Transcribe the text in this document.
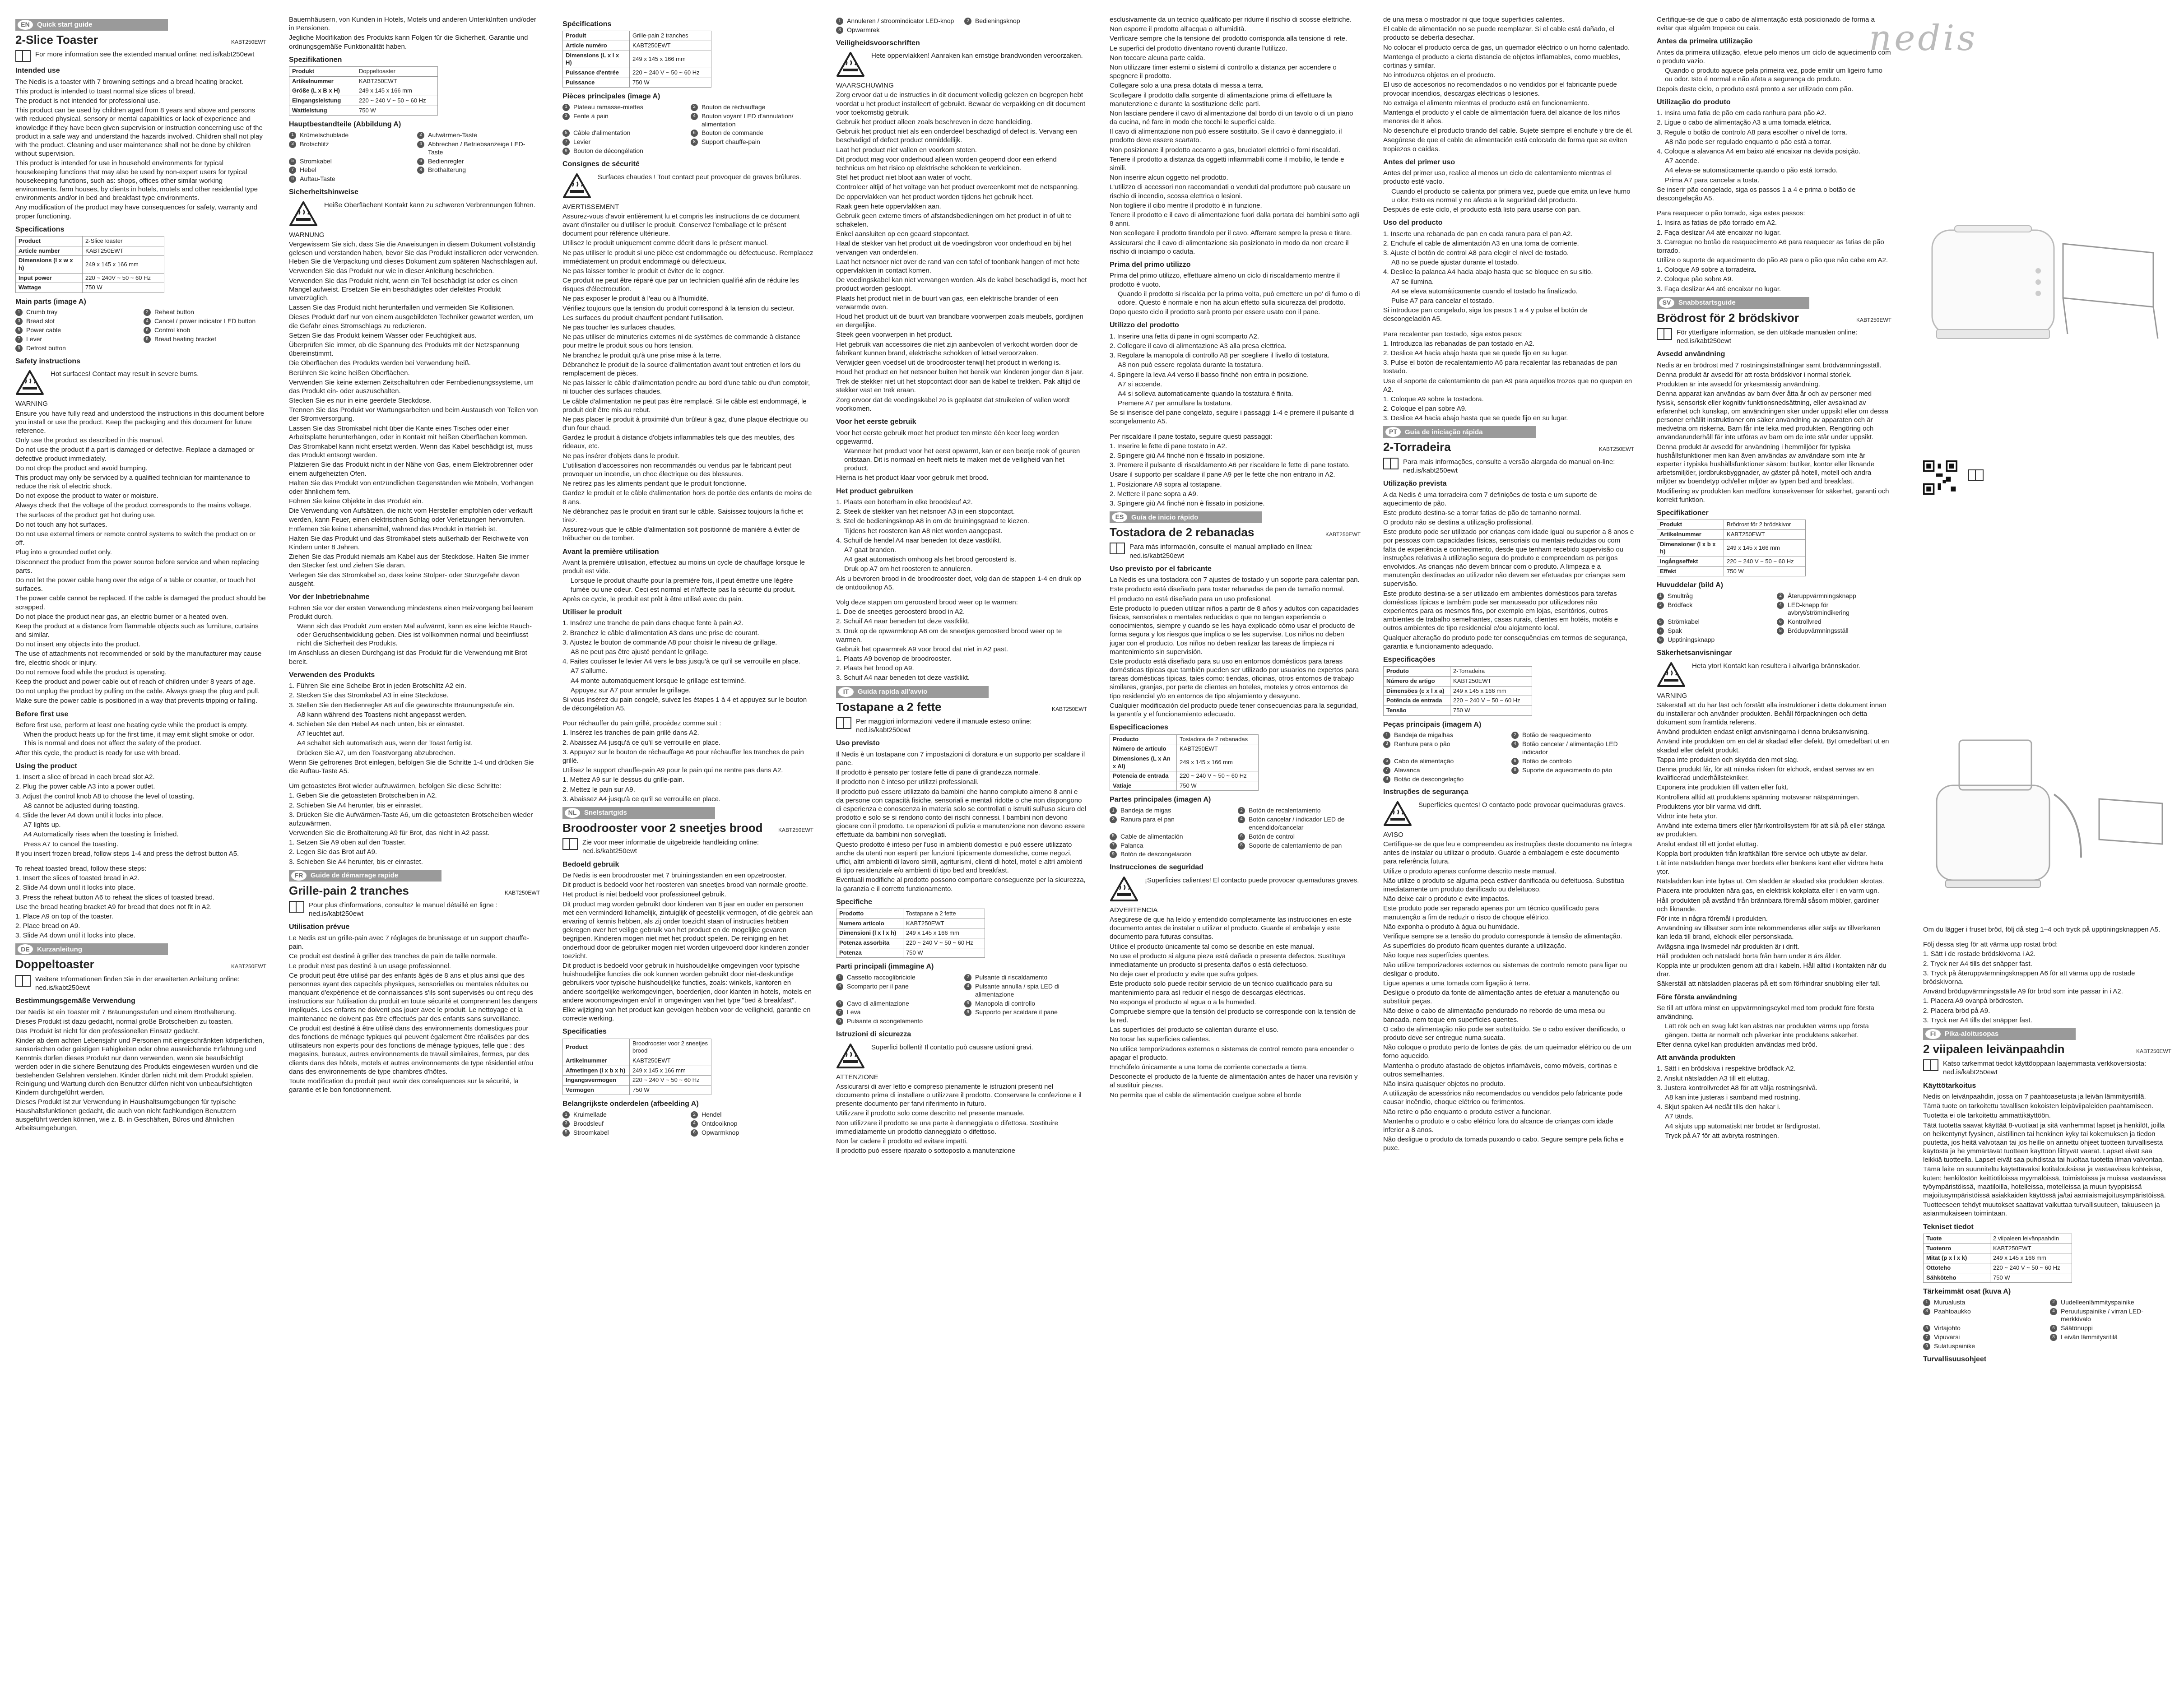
EN	Quick start guide
2-Slice Toaster	KABT250EWT
For more information see the extended manual online: ned.is/kabt250ewt
Intended use

The Nedis is a toaster with 7 browning settings and a bread heating bracket.

This product is intended to toast normal size slices of bread.

The product is not intended for professional use.

This product can be used by children aged from 8 years and above and persons with reduced physical, sensory or mental capabilities or lack of experience and knowledge if they have been given supervision or instruction concerning use of the product in a safe way and understand the hazards involved. Children shall not play with the product. Cleaning and user maintenance shall not be done by children without supervision.

This product is intended for use in household environments for typical housekeeping functions that may also be used by non-expert users for typical housekeeping functions, such as: shops, offices other similar working environments, farm houses, by clients in hotels, motels and other residential type environments and/or in bed and breakfast type environments.

Any modification of the product may have consequences for safety, warranty and proper functioning.

Specifications
Product	2-SliceToaster
Article number	KABT250EWT
Dimensions (l x w x h)	249 x 145 x 166 mm
Input power	220 ~ 240V ~ 50 ~ 60 Hz
Wattage	750 W
Main parts (image A)
1 Crumb tray	2 Reheat button
3 Bread slot	4 Cancel / power indicator LED button
5 Power cable	6 Control knob
7 Lever	8 Bread heating bracket
9 Defrost button
Safety instructions
Hot surfaces! Contact may result in severe burns.

WARNING

Ensure you have fully read and understood the instructions in this document before you install or use the product. Keep the packaging and this document for future reference.

Only use the product as described in this manual.

Do not use the product if a part is damaged or defective. Replace a damaged or defective product immediately.

Do not drop the product and avoid bumping.

This product may only be serviced by a qualified technician for maintenance to reduce the risk of electric shock.

Do not expose the product to water or moisture.

Always check that the voltage of the product corresponds to the mains voltage.

The surfaces of the product get hot during use.

Do not touch any hot surfaces.

Do not use external timers or remote control systems to switch the product on or off.

Plug into a grounded outlet only.

Disconnect the product from the power source before service and when replacing parts.

Do not let the power cable hang over the edge of a table or counter, or touch hot surfaces.

The power cable cannot be replaced. If the cable is damaged the product should be scrapped.

Do not place the product near gas, an electric burner or a heated oven.

Keep the product at a distance from flammable objects such as furniture, curtains and similar.

Do not insert any objects into the product.

The use of attachments not recommended or sold by the manufacturer may cause fire, electric shock or injury.

Do not remove food while the product is operating.

Keep the product and power cable out of reach of children under 8 years of age.

Do not unplug the product by pulling on the cable. Always grasp the plug and pull.

Make sure the power cable is positioned in a way that prevents tripping or falling.

Before first use

Before first use, perform at least one heating cycle while the product is empty.

When the product heats up for the first time, it may emit slight smoke or odor. This is normal and does not affect the safety of the product.

After this cycle, the product is ready for use with bread.

Using the product

1. Insert a slice of bread in each bread slot A2.

2. Plug the power cable A3 into a power outlet.

3. Adjust the control knob A8 to choose the level of toasting.

A8 cannot be adjusted during toasting.

4. Slide the lever A4 down until it locks into place.

A7 lights up.

A4 Automatically rises when the toasting is finished.

Press A7 to cancel the toasting.

If you insert frozen bread, follow steps 1-4 and press the defrost button A5.

To reheat toasted bread, follow these steps:

1. Insert the slices of toasted bread in A2.

2. Slide A4 down until it locks into place.

3. Press the reheat button A6 to reheat the slices of toasted bread.

Use the bread heating bracket A9 for bread that does not fit in A2.

1. Place A9 on top of the toaster.

2. Place bread on A9.

3. Slide A4 down until it locks into place.

DE	Kurzanleitung
Doppeltoaster	KABT250EWT
Weitere Informationen finden Sie in der erweiterten Anleitung online: ned.is/kabt250ewt
Bestimmungsgemäße Verwendung

Der Nedis ist ein Toaster mit 7 Bräunungsstufen und einem Brothalterung.

Dieses Produkt ist dazu gedacht, normal große Brotscheiben zu toasten.

Das Produkt ist nicht für den professionellen Einsatz gedacht.

Kinder ab dem achten Lebensjahr und Personen mit eingeschränkten körperlichen, sensorischen oder geistigen Fähigkeiten oder ohne ausreichende Erfahrung und Kenntnis dürfen dieses Produkt nur dann verwenden, wenn sie beaufsichtigt werden oder in die sichere Benutzung des Produkts eingewiesen wurden und die bestehenden Gefahren verstehen. Kinder dürfen nicht mit dem Produkt spielen. Reinigung und Wartung durch den Benutzer dürfen nicht von unbeaufsichtigten Kindern durchgeführt werden.

Dieses Produkt ist zur Verwendung in Haushaltsumgebungen für typische Haushaltsfunktionen gedacht, die auch von nicht fachkundigen Benutzern ausgeführt werden können, wie z. B. in Geschäften, Büros und ähnlichen Arbeitsumgebungen,

Bauernhäusern, von Kunden in Hotels, Motels und anderen Unterkünften und/oder in Pensionen.

Jegliche Modifikation des Produkts kann Folgen für die Sicherheit, Garantie und ordnungsgemäße Funktionalität haben.

Spezifikationen
Produkt	Doppeltoaster
Artikelnummer	KABT250EWT
Größe (L x B x H)	249 x 145 x 166 mm
Eingangsleistung	220 ~ 240 V ~ 50 ~ 60 Hz
Wattleistung	750 W
Hauptbestandteile (Abbildung A)
1 Krümelschublade	2 Aufwärmen-Taste
3 Brotschlitz	4 Abbrechen / Betriebsanzeige LED-Taste
5 Stromkabel	6 Bedienregler
7 Hebel	8 Brothalterung
9 Auftau-Taste
Sicherheitshinweise
Heiße Oberflächen! Kontakt kann zu schweren Verbrennungen führen.

WARNUNG

Vergewissern Sie sich, dass Sie die Anweisungen in diesem Dokument vollständig gelesen und verstanden haben, bevor Sie das Produkt installieren oder verwenden. Heben Sie die Verpackung und dieses Dokument zum späteren Nachschlagen auf.

Verwenden Sie das Produkt nur wie in dieser Anleitung beschrieben.

Verwenden Sie das Produkt nicht, wenn ein Teil beschädigt ist oder es einen Mangel aufweist. Ersetzen Sie ein beschädigtes oder defektes Produkt unverzüglich.

Lassen Sie das Produkt nicht herunterfallen und vermeiden Sie Kollisionen.

Dieses Produkt darf nur von einem ausgebildeten Techniker gewartet werden, um die Gefahr eines Stromschlags zu reduzieren.

Setzen Sie das Produkt keinem Wasser oder Feuchtigkeit aus.

Überprüfen Sie immer, ob die Spannung des Produkts mit der Netzspannung übereinstimmt.

Die Oberflächen des Produkts werden bei Verwendung heiß.

Berühren Sie keine heißen Oberflächen.

Verwenden Sie keine externen Zeitschaltuhren oder Fernbedienungssysteme, um das Produkt ein- oder auszuschalten.

Stecken Sie es nur in eine geerdete Steckdose.

Trennen Sie das Produkt vor Wartungsarbeiten und beim Austausch von Teilen von der Stromversorgung.

Lassen Sie das Stromkabel nicht über die Kante eines Tisches oder einer Arbeitsplatte herunterhängen, oder in Kontakt mit heißen Oberflächen kommen.

Das Stromkabel kann nicht ersetzt werden. Wenn das Kabel beschädigt ist, muss das Produkt entsorgt werden.

Platzieren Sie das Produkt nicht in der Nähe von Gas, einem Elektrobrenner oder einem aufgeheizten Ofen.

Halten Sie das Produkt von entzündlichen Gegenständen wie Möbeln, Vorhängen oder ähnlichem fern.

Führen Sie keine Objekte in das Produkt ein.

Die Verwendung von Aufsätzen, die nicht vom Hersteller empfohlen oder verkauft werden, kann Feuer, einen elektrischen Schlag oder Verletzungen hervorrufen.

Entfernen Sie keine Lebensmittel, während das Produkt in Betrieb ist.

Halten Sie das Produkt und das Stromkabel stets außerhalb der Reichweite von Kindern unter 8 Jahren.

Ziehen Sie das Produkt niemals am Kabel aus der Steckdose. Halten Sie immer den Stecker fest und ziehen Sie daran.

Verlegen Sie das Stromkabel so, dass keine Stolper- oder Sturzgefahr davon ausgeht.

Vor der Inbetriebnahme

Führen Sie vor der ersten Verwendung mindestens einen Heizvorgang bei leerem Produkt durch.

Wenn sich das Produkt zum ersten Mal aufwärmt, kann es eine leichte Rauch- oder Geruchsentwicklung geben. Dies ist vollkommen normal und beeinflusst nicht die Sicherheit des Produkts.

Im Anschluss an diesen Durchgang ist das Produkt für die Verwendung mit Brot bereit.

Verwenden des Produkts

1. Führen Sie eine Scheibe Brot in jeden Brotschlitz A2 ein.

2. Stecken Sie das Stromkabel A3 in eine Steckdose.

3. Stellen Sie den Bedienregler A8 auf die gewünschte Bräunungsstufe ein.

A8 kann während des Toastens nicht angepasst werden.

4. Schieben Sie den Hebel A4 nach unten, bis er einrastet.

A7 leuchtet auf.

A4 schaltet sich automatisch aus, wenn der Toast fertig ist.

Drücken Sie A7, um den Toastvorgang abzubrechen.

Wenn Sie gefrorenes Brot einlegen, befolgen Sie die Schritte 1-4 und drücken Sie die Auftau-Taste A5.

Um getoastetes Brot wieder aufzuwärmen, befolgen Sie diese Schritte:

1. Geben Sie die getoasteten Brotscheiben in A2.

2. Schieben Sie A4 herunter, bis er einrastet.

3. Drücken Sie die Aufwärmen-Taste A6, um die getoasteten Brotscheiben wieder aufzuwärmen.

Verwenden Sie die Brothalterung A9 für Brot, das nicht in A2 passt.

1. Setzen Sie A9 oben auf den Toaster.

2. Legen Sie das Brot auf A9.

3. Schieben Sie A4 herunter, bis er einrastet.

FR	Guide de démarrage rapide
Grille-pain 2 tranches	KABT250EWT
Pour plus d'informations, consultez le manuel détaillé en ligne : ned.is/kabt250ewt
Utilisation prévue

Le Nedis est un grille-pain avec 7 réglages de brunissage et un support chauffe-pain.

Ce produit est destiné à griller des tranches de pain de taille normale.

Le produit n'est pas destiné à un usage professionnel.

Ce produit peut être utilisé par des enfants âgés de 8 ans et plus ainsi que des personnes ayant des capacités physiques, sensorielles ou mentales réduites ou manquant d'expérience et de connaissances s'ils sont supervisés ou ont reçu des instructions sur l'utilisation du produit en toute sécurité et comprennent les dangers impliqués. Les enfants ne doivent pas jouer avec le produit. Le nettoyage et la maintenance ne doivent pas être effectués par des enfants sans surveillance.

Ce produit est destiné à être utilisé dans des environnements domestiques pour des fonctions de ménage typiques qui peuvent également être réalisées par des utilisateurs non experts pour des fonctions de ménage typiques, telle que : des magasins, bureaux, autres environnements de travail similaires, fermes, par des clients dans des hôtels, motels et autres environnements de type résidentiel et/ou dans des environnements de type chambres d'hôtes.

Toute modification du produit peut avoir des conséquences sur la sécurité, la garantie et le bon fonctionnement.

Spécifications
Produit	Grille-pain 2 tranches
Article numéro	KABT250EWT
Dimensions (L x l x H)	249 x 145 x 166 mm
Puissance d'entrée	220 ~ 240 V ~ 50 ~ 60 Hz
Puissance	750 W
Pièces principales (image A)
1 Plateau ramasse-miettes	2 Bouton de réchauffage
3 Fente à pain	4 Bouton voyant LED d'annulation/ alimentation
5 Câble d'alimentation	6 Bouton de commande
7 Levier	8 Support chauffe-pain
9 Bouton de décongélation
Consignes de sécurité
Surfaces chaudes ! Tout contact peut provoquer de graves brûlures.

AVERTISSEMENT

Assurez-vous d'avoir entièrement lu et compris les instructions de ce document avant d'installer ou d'utiliser le produit. Conservez l'emballage et le présent document pour référence ultérieure.

Utilisez le produit uniquement comme décrit dans le présent manuel.

Ne pas utiliser le produit si une pièce est endommagée ou défectueuse. Remplacez immédiatement un produit endommagé ou défectueux.

Ne pas laisser tomber le produit et éviter de le cogner.

Ce produit ne peut être réparé que par un technicien qualifié afin de réduire les risques d'électrocution.

Ne pas exposer le produit à l'eau ou à l'humidité.

Vérifiez toujours que la tension du produit correspond à la tension du secteur.

Les surfaces du produit chauffent pendant l'utilisation.

Ne pas toucher les surfaces chaudes.

Ne pas utiliser de minuteries externes ni de systèmes de commande à distance pour mettre le produit sous ou hors tension.

Ne branchez le produit qu'à une prise mise à la terre.

Débranchez le produit de la source d'alimentation avant tout entretien et lors du remplacement de pièces.

Ne pas laisser le câble d'alimentation pendre au bord d'une table ou d'un comptoir, ni toucher des surfaces chaudes.

Le câble d'alimentation ne peut pas être remplacé. Si le câble est endommagé, le produit doit être mis au rebut.

Ne pas placer le produit à proximité d'un brûleur à gaz, d'une plaque électrique ou d'un four chaud.

Gardez le produit à distance d'objets inflammables tels que des meubles, des rideaux, etc.

Ne pas insérer d'objets dans le produit.

L'utilisation d'accessoires non recommandés ou vendus par le fabricant peut provoquer un incendie, un choc électrique ou des blessures.

Ne retirez pas les aliments pendant que le produit fonctionne.

Gardez le produit et le câble d'alimentation hors de portée des enfants de moins de 8 ans.

Ne débranchez pas le produit en tirant sur le câble. Saisissez toujours la fiche et tirez.

Assurez-vous que le câble d'alimentation soit positionné de manière à éviter de trébucher ou de tomber.

Avant la première utilisation

Avant la première utilisation, effectuez au moins un cycle de chauffage lorsque le produit est vide.

Lorsque le produit chauffe pour la première fois, il peut émettre une légère fumée ou une odeur. Ceci est normal et n'affecte pas la sécurité du produit.

Après ce cycle, le produit est prêt à être utilisé avec du pain.

Utiliser le produit

1. Insérez une tranche de pain dans chaque fente à pain A2.

2. Branchez le câble d'alimentation A3 dans une prise de courant.

3. Ajustez le bouton de commande A8 pour choisir le niveau de grillage.

A8 ne peut pas être ajusté pendant le grillage.

4. Faites coulisser le levier A4 vers le bas jusqu'à ce qu'il se verrouille en place.

A7 s'allume.

A4 monte automatiquement lorsque le grillage est terminé.

Appuyez sur A7 pour annuler le grillage.

Si vous insérez du pain congelé, suivez les étapes 1 à 4 et appuyez sur le bouton de décongélation A5.

Pour réchauffer du pain grillé, procédez comme suit :

1. Insérez les tranches de pain grillé dans A2.

2. Abaissez A4 jusqu'à ce qu'il se verrouille en place.

3. Appuyez sur le bouton de réchauffage A6 pour réchauffer les tranches de pain grillé.

Utilisez le support chauffe-pain A9 pour le pain qui ne rentre pas dans A2.

1. Mettez A9 sur le dessus du grille-pain.

2. Mettez le pain sur A9.

3. Abaissez A4 jusqu'à ce qu'il se verrouille en place.

NL	Snelstartgids
Broodrooster voor 2 sneetjes brood	KABT250EWT
Zie voor meer informatie de uitgebreide handleiding online: ned.is/kabt250ewt
Bedoeld gebruik

De Nedis is een broodrooster met 7 bruiningsstanden en een opzetrooster.

Dit product is bedoeld voor het roosteren van sneetjes brood van normale grootte.

Het product is niet bedoeld voor professioneel gebruik.

Dit product mag worden gebruikt door kinderen van 8 jaar en ouder en personen met een verminderd lichamelijk, zintuiglijk of geestelijk vermogen, of die gebrek aan ervaring of kennis hebben, als zij onder toezicht staan of instructies hebben gekregen over het veilige gebruik van het product en de mogelijke gevaren begrijpen. Kinderen mogen niet met het product spelen. De reiniging en het onderhoud door de gebruiker mogen niet worden uitgevoerd door kinderen zonder toezicht.

Dit product is bedoeld voor gebruik in huishoudelijke omgevingen voor typische huishoudelijke functies die ook kunnen worden gebruikt door niet-deskundige gebruikers voor typische huishoudelijke functies, zoals: winkels, kantoren en andere soortgelijke werkomgevingen, boerderijen, door klanten in hotels, motels en andere woonomgevingen en/of in omgevingen van het type "bed & breakfast".

Elke wijziging van het product kan gevolgen hebben voor de veiligheid, garantie en correcte werking.

Specificaties
Product	Broodrooster voor 2 sneetjes brood
Artikelnummer	KABT250EWT
Afmetingen (l x b x h)	249 x 145 x 166 mm
Ingangsvermogen	220 ~ 240 V ~ 50 ~ 60 Hz
Vermogen	750 W
Belangrijkste onderdelen (afbeelding A)
1 Kruimellade	2 Hendel
3 Broodsleuf	4 Ontdooiknop
5 Stroomkabel	6 Opwarmknop
1 Annuleren / stroomindicator LED-knop	2 Bedieningsknop
3 Opwarmrek
Veiligheidsvoorschriften
Hete oppervlakken! Aanraken kan ernstige brandwonden veroorzaken.

WAARSCHUWING

Zorg ervoor dat u de instructies in dit document volledig gelezen en begrepen hebt voordat u het product installeert of gebruikt. Bewaar de verpakking en dit document voor toekomstig gebruik.

Gebruik het product alleen zoals beschreven in deze handleiding.

Gebruik het product niet als een onderdeel beschadigd of defect is. Vervang een beschadigd of defect product onmiddellijk.

Laat het product niet vallen en voorkom stoten.

Dit product mag voor onderhoud alleen worden geopend door een erkend technicus om het risico op elektrische schokken te verkleinen.

Stel het product niet bloot aan water of vocht.

Controleer altijd of het voltage van het product overeenkomt met de netspanning.

De oppervlakken van het product worden tijdens het gebruik heet.

Raak geen hete oppervlakken aan.

Gebruik geen externe timers of afstandsbedieningen om het product in of uit te schakelen.

Enkel aansluiten op een geaard stopcontact.

Haal de stekker van het product uit de voedingsbron voor onderhoud en bij het vervangen van onderdelen.

Laat het netsnoer niet over de rand van een tafel of toonbank hangen of met hete oppervlakken in contact komen.

De voedingskabel kan niet vervangen worden. Als de kabel beschadigd is, moet het product worden gesloopt.

Plaats het product niet in de buurt van gas, een elektrische brander of een verwarmde oven.

Houd het product uit de buurt van brandbare voorwerpen zoals meubels, gordijnen en dergelijke.

Steek geen voorwerpen in het product.

Het gebruik van accessoires die niet zijn aanbevolen of verkocht worden door de fabrikant kunnen brand, elektrische schokken of letsel veroorzaken.

Verwijder geen voedsel uit de broodrooster terwijl het product in werking is.

Houd het product en het netsnoer buiten het bereik van kinderen jonger dan 8 jaar.

Trek de stekker niet uit het stopcontact door aan de kabel te trekken. Pak altijd de stekker vast en trek eraan.

Zorg ervoor dat de voedingskabel zo is geplaatst dat struikelen of vallen wordt voorkomen.

Voor het eerste gebruik

Voor het eerste gebruik moet het product ten minste één keer leeg worden opgewarmd.

Wanneer het product voor het eerst opwarmt, kan er een beetje rook of geuren ontstaan. Dit is normaal en heeft niets te maken met de veiligheid van het product.

Hierna is het product klaar voor gebruik met brood.

Het product gebruiken

1. Plaats een boterham in elke broodsleuf A2.

2. Steek de stekker van het netsnoer A3 in een stopcontact.

3. Stel de bedieningsknop A8 in om de bruiningsgraad te kiezen.

Tijdens het roosteren kan A8 niet worden aangepast.

4. Schuif de hendel A4 naar beneden tot deze vastklikt.

A7 gaat branden.

A4 gaat automatisch omhoog als het brood geroosterd is.

Druk op A7 om het roosteren te annuleren.

Als u bevroren brood in de broodrooster doet, volg dan de stappen 1-4 en druk op de ontdooiknop A5.

Volg deze stappen om geroosterd brood weer op te warmen:

1. Doe de sneetjes geroosterd brood in A2.

2. Schuif A4 naar beneden tot deze vastklikt.

3. Druk op de opwarmknop A6 om de sneetjes geroosterd brood weer op te warmen.

Gebruik het opwarmrek A9 voor brood dat niet in A2 past.

1. Plaats A9 bovenop de broodrooster.

2. Plaats het brood op A9.

3. Schuif A4 naar beneden tot deze vastklikt.

IT	Guida rapida all'avvio
Tostapane a 2 fette	KABT250EWT
Per maggiori informazioni vedere il manuale esteso online: ned.is/kabt250ewt
Uso previsto

Il Nedis è un tostapane con 7 impostazioni di doratura e un supporto per scaldare il pane.

Il prodotto è pensato per tostare fette di pane di grandezza normale.

Il prodotto non è inteso per utilizzi professionali.

Il prodotto può essere utilizzato da bambini che hanno compiuto almeno 8 anni e da persone con capacità fisiche, sensoriali e mentali ridotte o che non dispongono di esperienza e conoscenza in materia solo se controllati o istruiti sull'uso sicuro del prodotto e solo se si rendono conto dei rischi connessi. I bambini non devono giocare con il prodotto. Le operazioni di pulizia e manutenzione non devono essere effettuate da bambini non sorvegliati.

Questo prodotto è inteso per l'uso in ambienti domestici e può essere utilizzato anche da utenti non esperti per funzioni tipicamente domestiche, come negozi, uffici, altri ambienti di lavoro simili, agriturismi, clienti di hotel, motel e altri ambienti di tipo residenziale e/o ambienti di tipo bed and breakfast.

Eventuali modifiche al prodotto possono comportare conseguenze per la sicurezza, la garanzia e il corretto funzionamento.

Specifiche
Prodotto	Tostapane a 2 fette
Numero articolo	KABT250EWT
Dimensioni (l x l x h)	249 x 145 x 166 mm
Potenza assorbita	220 ~ 240 V ~ 50 ~ 60 Hz
Potenza	750 W
Parti principali (immagine A)
1 Cassetto raccoglibriciole	2 Pulsante di riscaldamento
3 Scomparto per il pane	4 Pulsante annulla / spia LED di alimentazione
5 Cavo di alimentazione	6 Manopola di controllo
7 Leva	8 Supporto per scaldare il pane
9 Pulsante di scongelamento
Istruzioni di sicurezza
Superfici bollenti! Il contatto può causare ustioni gravi.

ATTENZIONE

Assicurarsi di aver letto e compreso pienamente le istruzioni presenti nel documento prima di installare o utilizzare il prodotto. Conservare la confezione e il presente documento per farvi riferimento in futuro.

Utilizzare il prodotto solo come descritto nel presente manuale.

Non utilizzare il prodotto se una parte è danneggiata o difettosa. Sostituire immediatamente un prodotto danneggiato o difettoso.

Non far cadere il prodotto ed evitare impatti.

Il prodotto può essere riparato o sottoposto a manutenzione

esclusivamente da un tecnico qualificato per ridurre il rischio di scosse elettriche.

Non esporre il prodotto all'acqua o all'umidità.

Verificare sempre che la tensione del prodotto corrisponda alla tensione di rete.

Le superfici del prodotto diventano roventi durante l'utilizzo.

Non toccare alcuna parte calda.

Non utilizzare timer esterni o sistemi di controllo a distanza per accendere o spegnere il prodotto.

Collegare solo a una presa dotata di messa a terra.

Scollegare il prodotto dalla sorgente di alimentazione prima di effettuare la manutenzione e durante la sostituzione delle parti.

Non lasciare pendere il cavo di alimentazione dal bordo di un tavolo o di un piano da cucina, né fare in modo che tocchi le superfici calde.

Il cavo di alimentazione non può essere sostituito. Se il cavo è danneggiato, il prodotto deve essere scartato.

Non posizionare il prodotto accanto a gas, bruciatori elettrici o forni riscaldati.

Tenere il prodotto a distanza da oggetti infiammabili come il mobilio, le tende e simili.

Non inserire alcun oggetto nel prodotto.

L'utilizzo di accessori non raccomandati o venduti dal produttore può causare un rischio di incendio, scossa elettrica o lesioni.

Non togliere il cibo mentre il prodotto è in funzione.

Tenere il prodotto e il cavo di alimentazione fuori dalla portata dei bambini sotto agli 8 anni.

Non scollegare il prodotto tirandolo per il cavo. Afferrare sempre la presa e tirare.

Assicurarsi che il cavo di alimentazione sia posizionato in modo da non creare il rischio di inciampo o caduta.

Prima del primo utilizzo

Prima del primo utilizzo, effettuare almeno un ciclo di riscaldamento mentre il prodotto è vuoto.

Quando il prodotto si riscalda per la prima volta, può emettere un po' di fumo o di odore. Questo è normale e non ha alcun effetto sulla sicurezza del prodotto.

Dopo questo ciclo il prodotto sarà pronto per essere usato con il pane.

Utilizzo del prodotto

1. Inserire una fetta di pane in ogni scomparto A2.

2. Collegare il cavo di alimentazione A3 alla presa elettrica.

3. Regolare la manopola di controllo A8 per scegliere il livello di tostatura.

A8 non può essere regolata durante la tostatura.

4. Spingere la leva A4 verso il basso finché non entra in posizione.

A7 si accende.

A4 si solleva automaticamente quando la tostatura è finita.

Premere A7 per annullare la tostatura.

Se si inserisce del pane congelato, seguire i passaggi 1-4 e premere il pulsante di scongelamento A5.

Per riscaldare il pane tostato, seguire questi passaggi:

1. Inserire le fette di pane tostato in A2.

2. Spingere giù A4 finché non è fissato in posizione.

3. Premere il pulsante di riscaldamento A6 per riscaldare le fette di pane tostato.

Usare il supporto per scaldare il pane A9 per le fette che non entrano in A2.

1. Posizionare A9 sopra al tostapane.

2. Mettere il pane sopra a A9.

3. Spingere giù A4 finché non è fissato in posizione.

ES	Guía de inicio rápido
Tostadora de 2 rebanadas	KABT250EWT
Para más información, consulte el manual ampliado en línea: ned.is/kabt250ewt
Uso previsto por el fabricante

La Nedis es una tostadora con 7 ajustes de tostado y un soporte para calentar pan.

Este producto está diseñado para tostar rebanadas de pan de tamaño normal.

El producto no está diseñado para un uso profesional.

Este producto lo pueden utilizar niños a partir de 8 años y adultos con capacidades físicas, sensoriales o mentales reducidas o que no tengan experiencia o conocimientos, siempre y cuando se les haya explicado cómo usar el producto de forma segura y los riesgos que implica o se les supervise. Los niños no deben jugar con el producto. Los niños no deben realizar las tareas de limpieza ni mantenimiento sin supervisión.

Este producto está diseñado para su uso en entornos domésticos para tareas domésticas típicas que también pueden ser utilizado por usuarios no expertos para tareas domésticas típicas, tales como: tiendas, oficinas, otros entornos de trabajo similares, granjas, por parte de clientes en hoteles, moteles y otros entornos de tipo residencial y/o en entornos de tipo alojamiento y desayuno.

Cualquier modificación del producto puede tener consecuencias para la seguridad, la garantía y el funcionamiento adecuado.

Especificaciones
Producto	Tostadora de 2 rebanadas
Número de artículo	KABT250EWT
Dimensiones (L x An x Al)	249 x 145 x 166 mm
Potencia de entrada	220 ~ 240 V ~ 50 ~ 60 Hz
Vatiaje	750 W
Partes principales (imagen A)
1 Bandeja de migas	2 Botón de recalentamiento
3 Ranura para el pan	4 Botón cancelar / indicador LED de encendido/cancelar
5 Cable de alimentación	6 Botón de control
7 Palanca	8 Soporte de calentamiento de pan
9 Botón de descongelación
Instrucciones de seguridad
¡Superficies calientes! El contacto puede provocar quemaduras graves.

ADVERTENCIA

Asegúrese de que ha leído y entendido completamente las instrucciones en este documento antes de instalar o utilizar el producto. Guarde el embalaje y este documento para futuras consultas.

Utilice el producto únicamente tal como se describe en este manual.

No use el producto si alguna pieza está dañada o presenta defectos. Sustituya inmediatamente un producto si presenta daños o está defectuoso.

No deje caer el producto y evite que sufra golpes.

Este producto solo puede recibir servicio de un técnico cualificado para su mantenimiento para así reducir el riesgo de descargas eléctricas.

No exponga el producto al agua o a la humedad.

Compruebe siempre que la tensión del producto se corresponde con la tensión de la red.

Las superficies del producto se calientan durante el uso.

No tocar las superficies calientes.

No utilice temporizadores externos o sistemas de control remoto para encender o apagar el producto.

Enchúfelo únicamente a una toma de corriente conectada a tierra.

Desconecte el producto de la fuente de alimentación antes de hacer una revisión y al sustituir piezas.

No permita que el cable de alimentación cuelgue sobre el borde

de una mesa o mostrador ni que toque superficies calientes.

El cable de alimentación no se puede reemplazar. Si el cable está dañado, el producto se debería desechar.

No colocar el producto cerca de gas, un quemador eléctrico o un horno calentado.

Mantenga el producto a cierta distancia de objetos inflamables, como muebles, cortinas y similar.

No introduzca objetos en el producto.

El uso de accesorios no recomendados o no vendidos por el fabricante puede provocar incendios, descargas eléctricas o lesiones.

No extraiga el alimento mientras el producto está en funcionamiento.

Mantenga el producto y el cable de alimentación fuera del alcance de los niños menores de 8 años.

No desenchufe el producto tirando del cable. Sujete siempre el enchufe y tire de él.

Asegúrese de que el cable de alimentación está colocado de forma que se eviten tropiezos o caídas.

Antes del primer uso

Antes del primer uso, realice al menos un ciclo de calentamiento mientras el producto esté vacío.

Cuando el producto se calienta por primera vez, puede que emita un leve humo u olor. Esto es normal y no afecta a la seguridad del producto.

Después de este ciclo, el producto está listo para usarse con pan.

Uso del producto

1. Inserte una rebanada de pan en cada ranura para el pan A2.

2. Enchufe el cable de alimentación A3 en una toma de corriente.

3. Ajuste el botón de control A8 para elegir el nivel de tostado.

A8 no se puede ajustar durante el tostado.

4. Deslice la palanca A4 hacia abajo hasta que se bloquee en su sitio.

A7 se ilumina.

A4 se eleva automáticamente cuando el tostado ha finalizado.

Pulse A7 para cancelar el tostado.

Si introduce pan congelado, siga los pasos 1 a 4 y pulse el botón de descongelación A5.

Para recalentar pan tostado, siga estos pasos:

1. Introduzca las rebanadas de pan tostado en A2.

2. Deslice A4 hacia abajo hasta que se quede fijo en su lugar.

3. Pulse el botón de recalentamiento A6 para recalentar las rebanadas de pan tostado.

Use el soporte de calentamiento de pan A9 para aquellos trozos que no quepan en A2.

1. Coloque A9 sobre la tostadora.

2. Coloque el pan sobre A9.

3. Deslice A4 hacia abajo hasta que se quede fijo en su lugar.

PT	Guia de iniciação rápida
2-Torradeira	KABT250EWT
Para mais informações, consulte a versão alargada do manual on-line: ned.is/kabt250ewt
Utilização prevista

A da Nedis é uma torradeira com 7 definições de tosta e um suporte de aquecimento de pão.

Este produto destina-se a torrar fatias de pão de tamanho normal.

O produto não se destina a utilização profissional.

Este produto pode ser utilizado por crianças com idade igual ou superior a 8 anos e por pessoas com capacidades físicas, sensoriais ou mentais reduzidas ou com falta de experiência e conhecimento, desde que tenham recebido supervisão ou instruções relativas à utilização segura do produto e compreendam os perigos envolvidos. As crianças não devem brincar com o produto. A limpeza e a manutenção destinadas ao utilizador não devem ser efetuadas por crianças sem supervisão.

Este produto destina-se a ser utilizado em ambientes domésticos para tarefas domésticas típicas e também pode ser manuseado por utilizadores não experientes para os mesmos fins, por exemplo em lojas, escritórios, outros ambientes de trabalho semelhantes, casas rurais, clientes em hotéis, motéis e outros ambientes de tipo residencial e/ou alojamento local.

Qualquer alteração do produto pode ter consequências em termos de segurança, garantia e funcionamento adequado.

Especificações
Produto	2-Torradeira
Número de artigo	KABT250EWT
Dimensões (c x l x a)	249 x 145 x 166 mm
Potência de entrada	220 ~ 240 V ~ 50 ~ 60 Hz
Tensão	750 W
Peças principais (imagem A)
1 Bandeja de migalhas	2 Botão de reaquecimento
3 Ranhura para o pão	4 Botão cancelar / alimentação LED indicador
5 Cabo de alimentação	6 Botão de controlo
7 Alavanca	8 Suporte de aquecimento do pão
9 Botão de descongelação
Instruções de segurança
Superfícies quentes! O contacto pode provocar queimaduras graves.

AVISO

Certifique-se de que leu e compreendeu as instruções deste documento na íntegra antes de instalar ou utilizar o produto. Guarde a embalagem e este documento para referência futura.

Utilize o produto apenas conforme descrito neste manual.

Não utilize o produto se alguma peça estiver danificada ou defeituosa. Substitua imediatamente um produto danificado ou defeituoso.

Não deixe cair o produto e evite impactos.

Este produto pode ser reparado apenas por um técnico qualificado para manutenção a fim de reduzir o risco de choque elétrico.

Não exponha o produto à água ou humidade.

Verifique sempre se a tensão do produto corresponde à tensão de alimentação.

As superfícies do produto ficam quentes durante a utilização.

Não toque nas superfícies quentes.

Não utilize temporizadores externos ou sistemas de controlo remoto para ligar ou desligar o produto.

Ligue apenas a uma tomada com ligação à terra.

Desligue o produto da fonte de alimentação antes de efetuar a manutenção ou substituir peças.

Não deixe o cabo de alimentação pendurado no rebordo de uma mesa ou bancada, nem toque em superfícies quentes.

O cabo de alimentação não pode ser substituído. Se o cabo estiver danificado, o produto deve ser entregue numa sucata.

Não coloque o produto perto de fontes de gás, de um queimador elétrico ou de um forno aquecido.

Mantenha o produto afastado de objetos inflamáveis, como móveis, cortinas e outros semelhantes.

Não insira quaisquer objetos no produto.

A utilização de acessórios não recomendados ou vendidos pelo fabricante pode causar incêndio, choque elétrico ou ferimentos.

Não retire o pão enquanto o produto estiver a funcionar.

Mantenha o produto e o cabo elétrico fora do alcance de crianças com idade inferior a 8 anos.

Não desligue o produto da tomada puxando o cabo. Segure sempre pela ficha e puxe.

Certifique-se de que o cabo de alimentação está posicionado de forma a evitar que alguém tropece ou caia.

Antes da primeira utilização

Antes da primeira utilização, efetue pelo menos um ciclo de aquecimento com o produto vazio.

Quando o produto aquece pela primeira vez, pode emitir um ligeiro fumo ou odor. Isto é normal e não afeta a segurança do produto.

Depois deste ciclo, o produto está pronto a ser utilizado com pão.

Utilização do produto

1. Insira uma fatia de pão em cada ranhura para pão A2.

2. Ligue o cabo de alimentação A3 a uma tomada elétrica.

3. Regule o botão de controlo A8 para escolher o nível de torra.

A8 não pode ser regulado enquanto o pão está a torrar.

4. Coloque a alavanca A4 em baixo até encaixar na devida posição.

A7 acende.

A4 eleva-se automaticamente quando o pão está torrado.

Prima A7 para cancelar a tosta.

Se inserir pão congelado, siga os passos 1 a 4 e prima o botão de descongelação A5.

Para reaquecer o pão torrado, siga estes passos:

1. Insira as fatias de pão torrado em A2.

2. Faça deslizar A4 até encaixar no lugar.

3. Carregue no botão de reaquecimento A6 para reaquecer as fatias de pão torrado.

Utilize o suporte de aquecimento do pão A9 para o pão que não cabe em A2.

1. Coloque A9 sobre a torradeira.

2. Coloque pão sobre A9.

3. Faça deslizar A4 até encaixar no lugar.

SV	Snabbstartsguide
Brödrost för 2 brödskivor	KABT250EWT
För ytterligare information, se den utökade manualen online: ned.is/kabt250ewt
Avsedd användning

Nedis är en brödrost med 7 rostningsinställningar samt brödvärmningsställ.

Denna produkt är avsedd för att rosta brödskivor i normal storlek.

Produkten är inte avsedd för yrkesmässig användning.

Denna apparat kan användas av barn över åtta år och av personer med fysisk, sensorisk eller kognitiv funktionsnedsättning, eller avsaknad av erfarenhet och kunskap, om användningen sker under uppsikt eller om dessa personer erhållit instruktioner om säker användning av apparaten och är medvetna om riskerna. Barn får inte leka med produkten. Rengöring och användarunderhåll får inte utföras av barn om de inte står under uppsikt.

Denna produkt är avsedd för användning i hemmiljöer för typiska hushållsfunktioner men kan även användas av användare som inte är experter i typiska hushållsfunktioner såsom: butiker, kontor eller liknande arbetsmiljöer, jordbruksbyggnader, av gäster på hotell, motell och andra miljöer av boendetyp och/eller miljöer av typen bed and breakfast.

Modifiering av produkten kan medföra konsekvenser för säkerhet, garanti och korrekt funktion.

Specifikationer
Produkt	Brödrost för 2 brödskivor
Artikelnummer	KABT250EWT
Dimensioner (l x b x h)	249 x 145 x 166 mm
Ingångseffekt	220 ~ 240 V ~ 50 ~ 60 Hz
Effekt	750 W
Huvuddelar (bild A)
1 Smultråg	2 Återuppvärmningsknapp
3 Brödfack	4 LED-knapp för avbryt/strömindikering
5 Strömkabel	6 Kontrollvred
7 Spak	8 Brödupvärmningsställ
9 Upptiningsknapp
Säkerhetsanvisningar
Heta ytor! Kontakt kan resultera i allvarliga brännskador.

VARNING

Säkerställ att du har läst och förstått alla instruktioner i detta dokument innan du installerar och använder produkten. Behåll förpackningen och detta dokument som framtida referens.

Använd produkten endast enligt anvisningarna i denna bruksanvisning.

Använd inte produkten om en del är skadad eller defekt. Byt omedelbart ut en skadad eller defekt produkt.

Tappa inte produkten och skydda den mot slag.

Denna produkt får, för att minska risken för elchock, endast servas av en kvalificerad underhållstekniker.

Exponera inte produkten till vatten eller fukt.

Kontrollera alltid att produktens spänning motsvarar nätspänningen.

Produktens ytor blir varma vid drift.

Vidrör inte heta ytor.

Använd inte externa timers eller fjärrkontrollsystem för att slå på eller stänga av produkten.

Anslut endast till ett jordat eluttag.

Koppla bort produkten från kraftkällan före service och utbyte av delar.

Låt inte nätsladden hänga över bordets eller bänkens kant eller vidröra heta ytor.

Nätsladden kan inte bytas ut. Om sladden är skadad ska produkten skrotas.

Placera inte produkten nära gas, en elektrisk kokplatta eller i en varm ugn.

Håll produkten på avstånd från brännbara föremål såsom möbler, gardiner och liknande.

För inte in några föremål i produkten.

Användning av tillsatser som inte rekommenderas eller säljs av tillverkaren kan leda till brand, elchock eller personskada.

Avlägsna inga livsmedel när produkten är i drift.

Håll produkten och nätsladd borta från barn under 8 års ålder.

Koppla inte ur produkten genom att dra i kabeln. Håll alltid i kontakten när du drar.

Säkerställ att nätsladden placeras på ett som förhindrar snubbling eller fall.

Före första användning

Se till att utföra minst en uppvärmningscykel med tom produkt före första användning.

Lätt rök och en svag lukt kan alstras när produkten värms upp första gången. Detta är normalt och påverkar inte produktens säkerhet.

Efter denna cykel kan produkten användas med bröd.

Att använda produkten

1. Sätt i en brödskiva i respektive brödfack A2.

2. Anslut nätsladden A3 till ett eluttag.

3. Justera kontrollvredet A8 för att välja rostningsnivå.

A8 kan inte justeras i samband med rostning.

4. Skjut spaken A4 nedåt tills den hakar i.

A7 tänds.

A4 skjuts upp automatiskt när brödet är färdigrostat.

Tryck på A7 för att avbryta rostningen.

Om du lägger i fruset bröd, följ då steg 1–4 och tryck på upptiningsknappen A5.

Följ dessa steg för att värma upp rostat bröd:

1. Sätt i de rostade brödskivorna i A2.

2. Tryck ner A4 tills det snäpper fast.

3. Tryck på återuppvärmningsknappen A6 för att värma upp de rostade brödskivorna.

Använd brödupvärmningsställe A9 för bröd som inte passar in i A2.

1. Placera A9 ovanpå brödrosten.

2. Placera bröd på A9.

3. Tryck ner A4 tills det snäpper fast.

FI	Pika-aloitusopas
2 viipaleen leivänpaahdin	KABT250EWT
Katso tarkemmat tiedot käyttöoppaan laajemmasta verkkoversiosta: ned.is/kabt250ewt
Käyttötarkoitus

Nedis on leivänpaahdin, jossa on 7 paahtoasetusta ja leivän lämmitysritilä.

Tämä tuote on tarkoitettu tavallisen kokoisten leipäviipaleiden paahtamiseen.

Tuotetta ei ole tarkoitettu ammattikäyttöön.

Tätä tuotetta saavat käyttää 8-vuotiaat ja sitä vanhemmat lapset ja henkilöt, joilla on heikentynyt fyysinen, aistillinen tai henkinen kyky tai kokemuksen ja tiedon puutetta, jos heitä valvotaan tai jos heille on annettu ohjeet tuotteen turvallisesta käytöstä ja he ymmärtävät tuotteen käyttöön liittyvät vaarat. Lapset eivät saa leikkiä tuotteella. Lapset eivät saa puhdistaa tai huoltaa tuotetta ilman valvontaa.

Tämä laite on suunniteltu käytettäväksi kotitalouksissa ja vastaavissa kohteissa, kuten: henkilöstön keittiötiloissa myymälöissä, toimistoissa ja muissa vastaavissa työympäristöissä, maatiloilla, hotelleissa, motelleissa ja muun tyyppisissä majoitusympäristöissä asiakkaiden käytössä ja/tai aamiaismajoitusympäristöissä.

Tuotteeseen tehdyt muutokset saattavat vaikuttaa turvallisuuteen, takuuseen ja asianmukaiseen toimintaan.

Tekniset tiedot
Tuote	2 viipaleen leivänpaahdin
Tuotenro	KABT250EWT
Mitat (p x l x k)	249 x 145 x 166 mm
Ottoteho	220 ~ 240 V ~ 50 ~ 60 Hz
Sähköteho	750 W
Tärkeimmät osat (kuva A)
1 Murualusta	2 Uudelleenlämmityspainike
3 Paahtoaukko	4 Peruutuspainike / virran LED-merkkivalo
5 Virtajohto	6 Säätönuppi
7 Vipuvarsi	8 Leivän lämmitysritilä
9 Sulatuspainike
Turvallisuusohjeet
nedis
